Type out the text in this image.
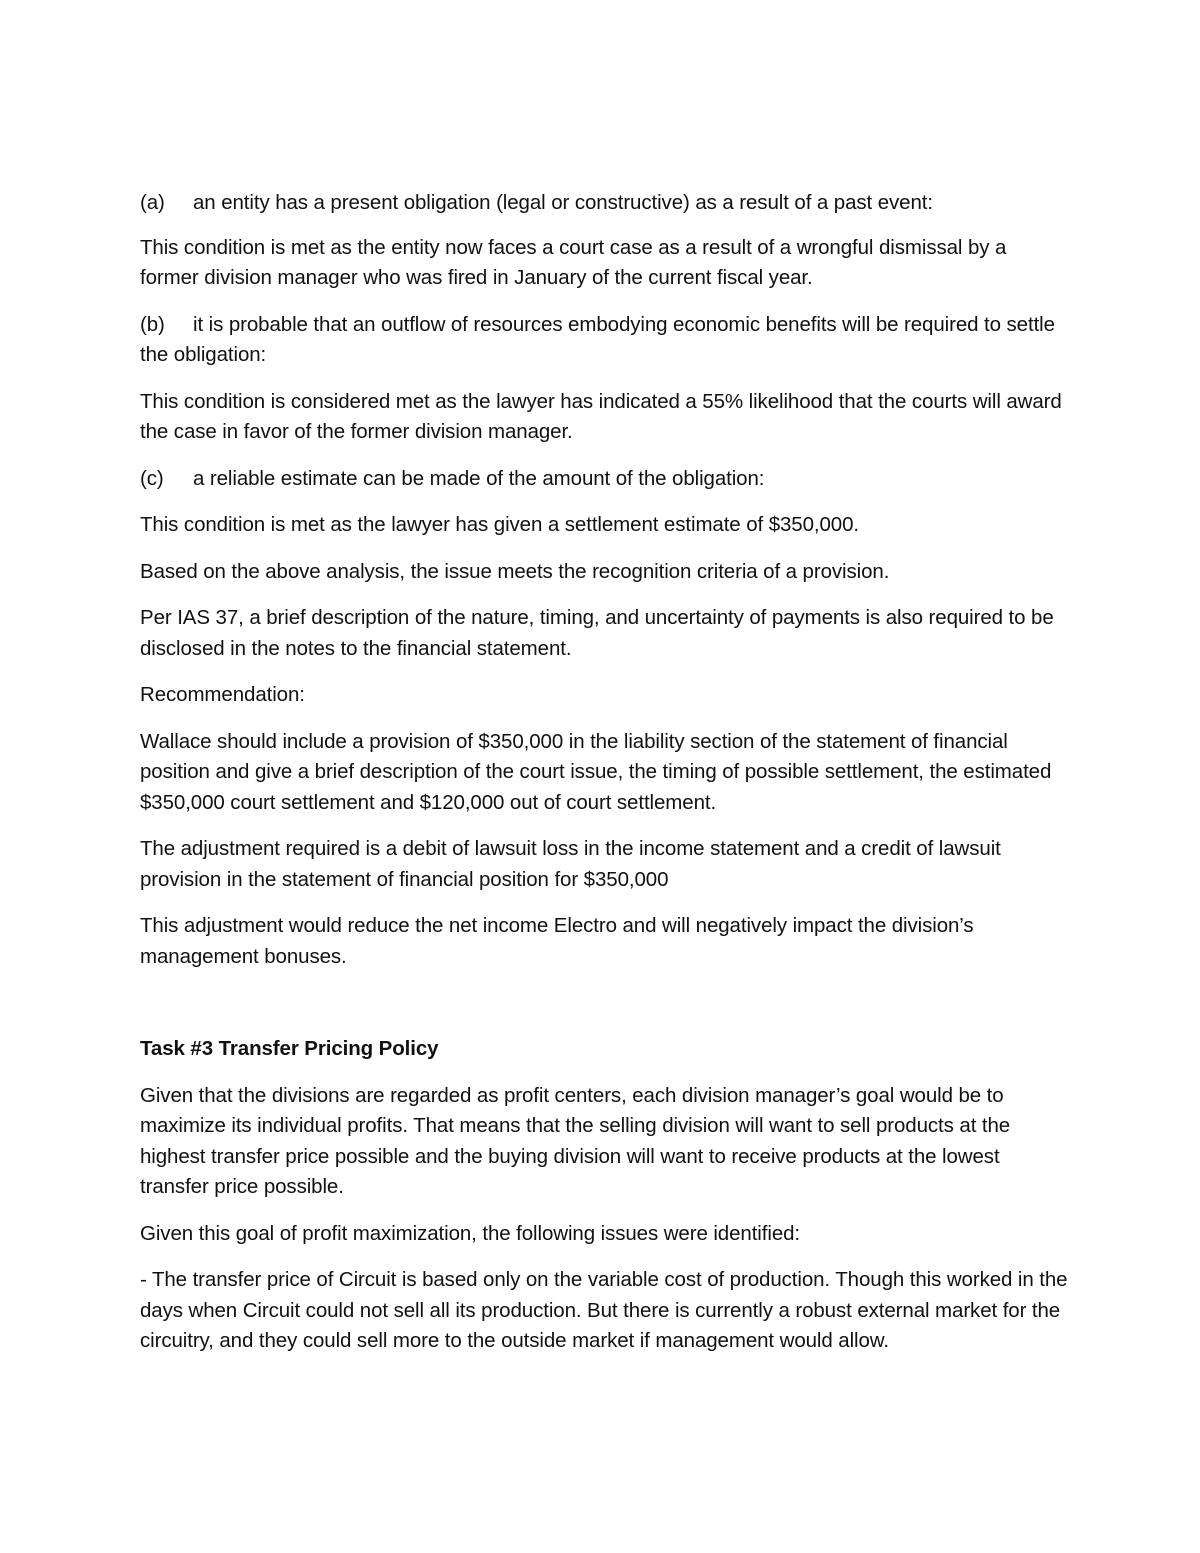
(a)	an entity has a present obligation (legal or constructive) as a result of a past event:

This condition is met as the entity now faces a court case as a result of a wrongful dismissal by a former division manager who was fired in January of the current fiscal year.

(b) it is probable that an outflow of resources embodying economic benefits will be required to settle the obligation:

This condition is considered met as the lawyer has indicated a 55% likelihood that the courts will award the case in favor of the former division manager.

(c)	a reliable estimate can be made of the amount of the obligation:

This condition is met as the lawyer has given a settlement estimate of $350,000.

Based on the above analysis, the issue meets the recognition criteria of a provision.

Per IAS 37, a brief description of the nature, timing, and uncertainty of payments is also required to be disclosed in the notes to the financial statement.

Recommendation:

Wallace should include a provision of $350,000 in the liability section of the statement of financial position and give a brief description of the court issue, the timing of possible settlement, the estimated $350,000 court settlement and $120,000 out of court settlement.

The adjustment required is a debit of lawsuit loss in the income statement and a credit of lawsuit provision in the statement of financial position for $350,000

This adjustment would reduce the net income Electro and will negatively impact the division’s management bonuses.

Task #3 Transfer Pricing Policy

Given that the divisions are regarded as profit centers, each division manager’s goal would be to maximize its individual profits. That means that the selling division will want to sell products at the highest transfer price possible and the buying division will want to receive products at the lowest transfer price possible.

Given this goal of profit maximization, the following issues were identified:

- The transfer price of Circuit is based only on the variable cost of production. Though this worked in the days when Circuit could not sell all its production. But there is currently a robust external market for the circuitry, and they could sell more to the outside market if management would allow.
